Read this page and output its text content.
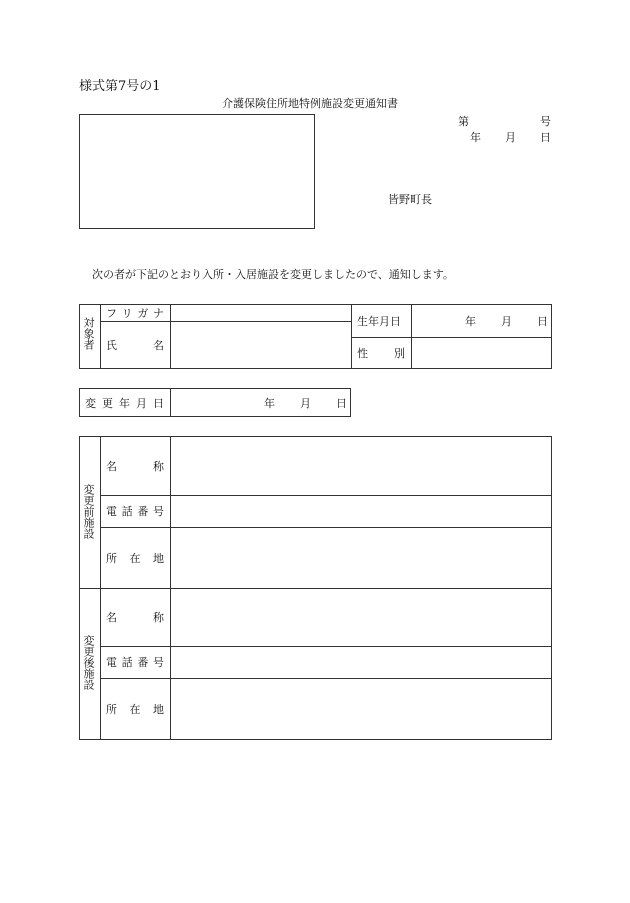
様式第7号の1
介護保険住所地特例施設変更通知書
第	号
年 月 日
皆野町長
次の者が下記のとおり入所・入居施設を変更しましたので、通知します。
対象者
フ リ ガ ナ
氏	名
生年月日	年 月 日
性 別
変 更 年 月 日	年 月 日
変更前施設
名	称
電 話 番 号
所 在 地
変更後施設
名	称
電 話 番 号
所 在 地
